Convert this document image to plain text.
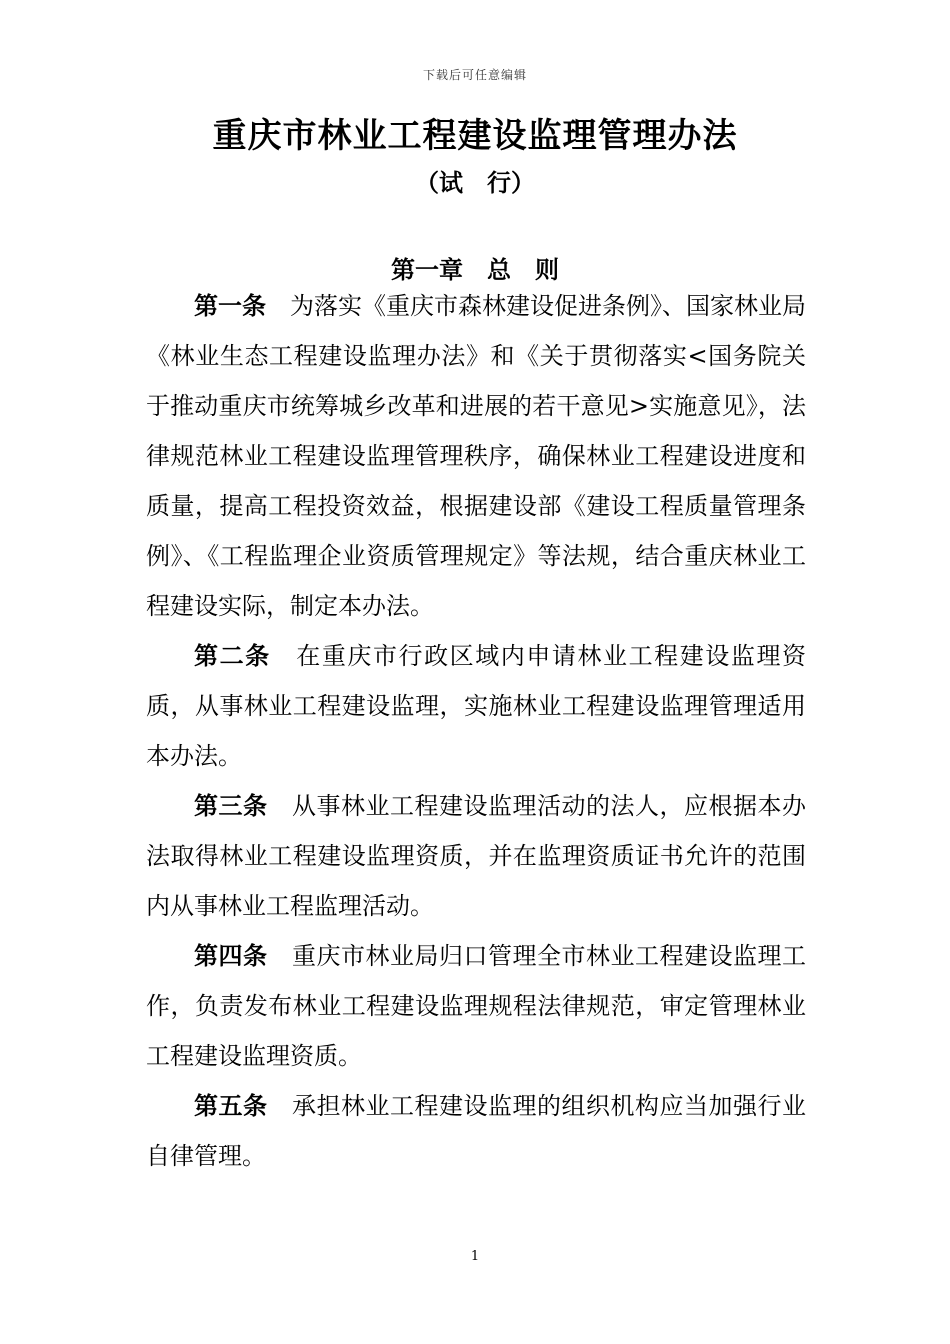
下载后可任意编辑
重庆市林业工程建设监理管理办法
（试　行）
第一章　总　则

第一条 为落实《重庆市森林建设促进条例》、国家林业局《林业生态工程建设监理办法》和《关于贯彻落实<国务院关于推动重庆市统筹城乡改革和进展的若干意见>实施意见》，法律规范林业工程建设监理管理秩序，确保林业工程建设进度和质量，提高工程投资效益，根据建设部《建设工程质量管理条例》、《工程监理企业资质管理规定》等法规，结合重庆林业工程建设实际，制定本办法。

第二条 在重庆市行政区域内申请林业工程建设监理资质，从事林业工程建设监理，实施林业工程建设监理管理适用本办法。

第三条 从事林业工程建设监理活动的法人，应根据本办法取得林业工程建设监理资质，并在监理资质证书允许的范围内从事林业工程监理活动。

第四条 重庆市林业局归口管理全市林业工程建设监理工作，负责发布林业工程建设监理规程法律规范，审定管理林业工程建设监理资质。

第五条 承担林业工程建设监理的组织机构应当加强行业自律管理。

1
